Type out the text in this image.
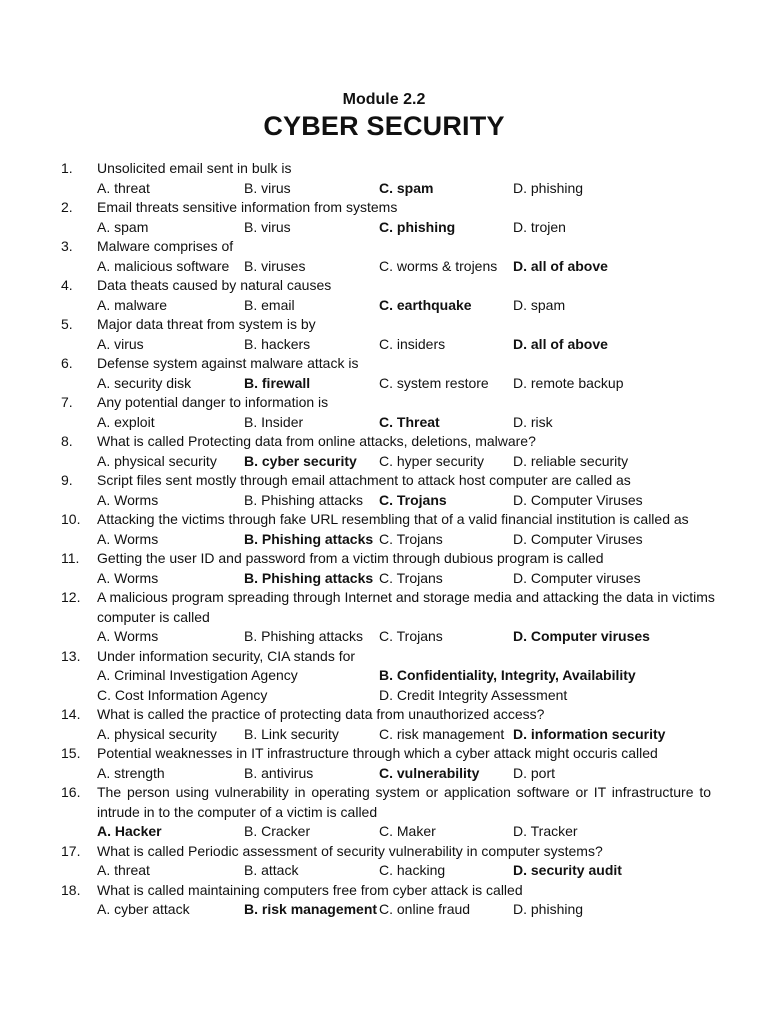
Module 2.2
CYBER SECURITY
1. Unsolicited email sent in bulk is
A. threat	B. virus	C. spam	D. phishing
2. Email threats sensitive information from systems
A. spam	B. virus	C. phishing	D. trojen
3. Malware comprises of
A. malicious software B. viruses	C. worms & trojens D. all of above
4. Data theats caused by natural causes
A. malware	B. email	C. earthquake	D. spam
5. Major data threat from system is by
A. virus	B. hackers	C. insiders	D. all of above
6. Defense system against malware attack is
A. security disk	B. firewall	C. system restore D. remote backup
7. Any potential danger to information is
A. exploit	B. Insider	C. Threat	D. risk
8. What is called Protecting data from online attacks, deletions, malware?
A. physical security B. cyber security C. hyper security D. reliable security
9. Script files sent mostly through email attachment to attack host computer are called as
A. Worms	B. Phishing attacks C. Trojans	D. Computer Viruses
10. Attacking the victims through fake URL resembling that of a valid financial institution is called as
A. Worms	B. Phishing attacks C. Trojans	D. Computer Viruses
11. Getting the user ID and password from a victim through dubious program is called
A. Worms	B. Phishing attacks C. Trojans	D. Computer viruses
12. A malicious program spreading through Internet and storage media and attacking the data in victims
computer is called
A. Worms	B. Phishing attacks C. Trojans	D. Computer viruses
13. Under information security, CIA stands for
A. Criminal Investigation Agency	B. Confidentiality, Integrity, Availability
C. Cost Information Agency	D. Credit Integrity Assessment
14. What is called the practice of protecting data from unauthorized access?
A. physical security B. Link security	C. risk management D. information security
15. Potential weaknesses in IT infrastructure through which a cyber attack might occuris called
A. strength	B. antivirus	C. vulnerability D. port
16. The person using vulnerability in operating system or application software or IT infrastructure to
intrude in to the computer of a victim is called
A. Hacker	B. Cracker	C. Maker	D. Tracker
17. What is called Periodic assessment of security vulnerability in computer systems?
A. threat	B. attack	C. hacking	D. security audit
18. What is called maintaining computers free from cyber attack is called
A. cyber attack	B. risk management C. online fraud	D. phishing
